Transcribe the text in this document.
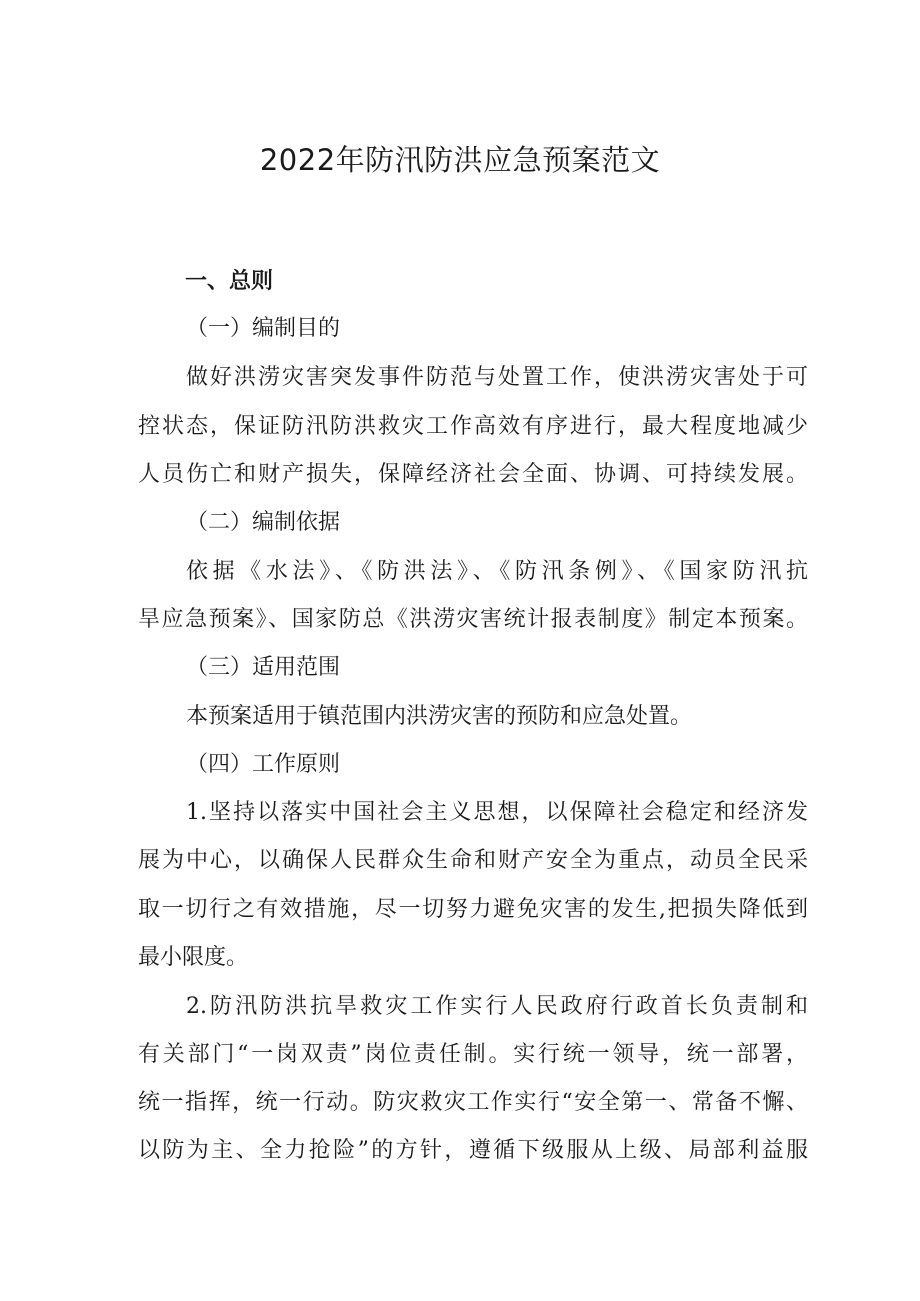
2022年防汛防洪应急预案范文
一、总则

（一）编制目的

做好洪涝灾害突发事件防范与处置工作，使洪涝灾害处于可

控状态，保证防汛防洪救灾工作高效有序进行，最大程度地减少

人员伤亡和财产损失，保障经济社会全面、协调、可持续发展。

（二）编制依据

依据《水法》、《防洪法》、《防汛条例》、《国家防汛抗

旱应急预案》、国家防总《洪涝灾害统计报表制度》制定本预案。

（三）适用范围

本预案适用于镇范围内洪涝灾害的预防和应急处置。

（四）工作原则

1.坚持以落实中国社会主义思想，以保障社会稳定和经济发

展为中心，以确保人民群众生命和财产安全为重点，动员全民采

取一切行之有效措施，尽一切努力避免灾害的发生,把损失降低到

最小限度。

2.防汛防洪抗旱救灾工作实行人民政府行政首长负责制和

有关部门“一岗双责”岗位责任制。实行统一领导，统一部署，

统一指挥，统一行动。防灾救灾工作实行“安全第一、常备不懈、

以防为主、全力抢险”的方针，遵循下级服从上级、局部利益服
